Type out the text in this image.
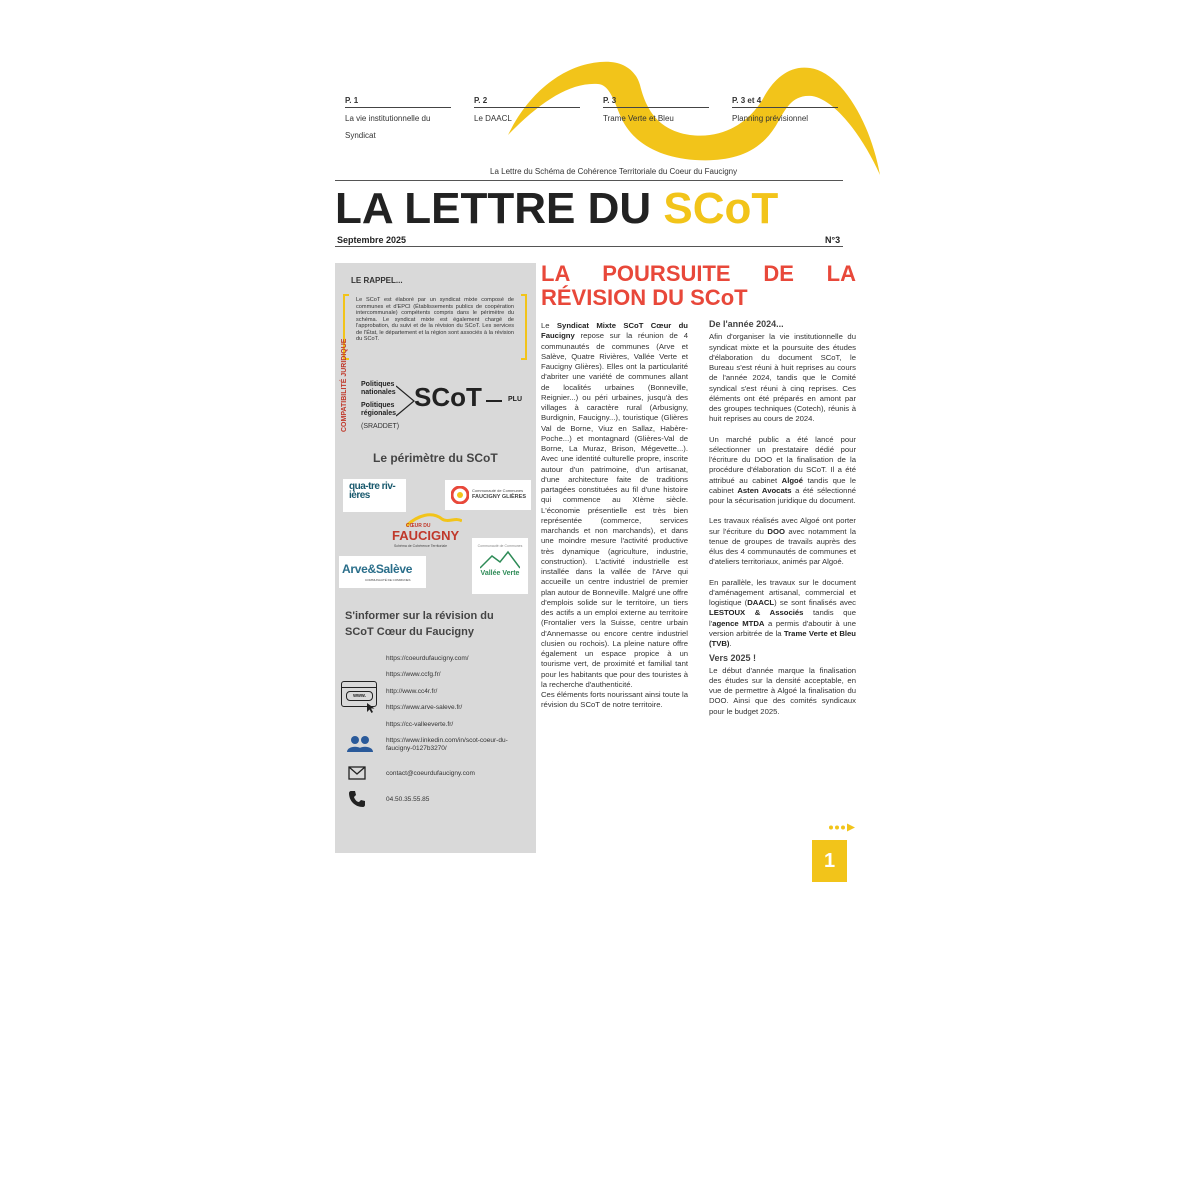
P. 1
La vie institutionnelle du Syndicat
P. 2
Le DAACL
P. 3
Trame Verte et Bleu
P. 3 et 4
Planning prévisionnel
La Lettre du Schéma de Cohérence Territoriale du Coeur du Faucigny
LA LETTRE DU SCoT
Septembre 2025	N°3
LE RAPPEL...
Le SCoT est élaboré par un syndicat mixte composé de communes et d'EPCI (Établissements publics de coopération intercommunale) compétents compris dans le périmètre du schéma. Le syndicat mixte est également chargé de l'approbation, du suivi et de la révision du SCoT. Les services de l'État, le département et la région sont associés à la révision du SCoT.
COMPATIBILITÉ JURIDIQUE Politiques nationales
Politiques régionales
(SRADDET)
SCoT	PLU
Le périmètre du SCoT
qua-tre riv-ières	Communauté de Communes
FAUCIGNY GLIÈRES
CŒUR DU
FAUCIGNY
Schéma de Cohérence Territoriale
Arve&Salève
COMMUNAUTÉ DE COMMUNES
Communauté de Communes
Vallée Verte
S'informer sur la révision du SCoT Cœur du Faucigny
https://coeurdufaucigny.com/
https://www.ccfg.fr/
http://www.cc4r.fr/
https://www.arve-saleve.fr/
https://cc-valleeverte.fr/
https://www.linkedin.com/in/scot-coeur-du-faucigny-0127b3270/
contact@coeurdufaucigny.com
04.50.35.55.85
www.
LA POURSUITE DE LA
RÉVISION DU SCoT

Le Syndicat Mixte SCoT Cœur du Faucigny repose sur la réunion de 4 communautés de communes (Arve et Salève, Quatre Rivières, Vallée Verte et Faucigny Glières). Elles ont la particularité d'abriter une variété de communes allant de localités urbaines (Bonneville, Reignier...) ou péri urbaines, jusqu'à des villages à caractère rural (Arbusigny, Burdignin, Faucigny...), touristique (Glières Val de Borne, Viuz en Sallaz, Habère-Poche...) et montagnard (Glières-Val de Borne, La Muraz, Brison, Mégevette...). Avec une identité culturelle propre, inscrite autour d'un patrimoine, d'un artisanat, d'une architecture faite de traditions partagées constituées au fil d'une histoire qui commence au XIème siècle. L'économie présentielle est très bien représentée (commerce, services marchands et non marchands), et dans une moindre mesure l'activité productive très dynamique (agriculture, industrie, construction). L'activité industrielle est installée dans la vallée de l'Arve qui accueille un centre industriel de premier plan autour de Bonneville. Malgré une offre d'emplois solide sur le territoire, un tiers des actifs a un emploi externe au territoire (Frontalier vers la Suisse, centre urbain d'Annemasse ou encore centre industriel clusien ou rochois). La pleine nature offre également un espace propice à un tourisme vert, de proximité et familial tant pour les habitants que pour des touristes à la recherche d'authenticité.

Ces éléments forts nourissant ainsi toute la révision du SCoT de notre territoire.

De l'année 2024...

Afin d'organiser la vie institutionnelle du syndicat mixte et la poursuite des études d'élaboration du document SCoT, le Bureau s'est réuni à huit reprises au cours de l'année 2024, tandis que le Comité syndical s'est réuni à cinq reprises. Ces éléments ont été préparés en amont par des groupes techniques (Cotech), réunis à huit reprises au cours de 2024.

Un marché public a été lancé pour sélectionner un prestataire dédié pour l'écriture du DOO et la finalisation de la procédure d'élaboration du SCoT. Il a été attribué au cabinet Algoé tandis que le cabinet Asten Avocats a été sélectionné pour la sécurisation juridique du document.

Les travaux réalisés avec Algoé ont porter sur l'écriture du DOO avec notamment la tenue de groupes de travails auprès des élus des 4 communautés de communes et d'ateliers territoriaux, animés par Algoé.

En parallèle, les travaux sur le document d'aménagement artisanal, commercial et logistique (DAACL) se sont finalisés avec LESTOUX & Associés tandis que l'agence MTDA a permis d'aboutir à une version arbitrée de la Trame Verte et Bleu (TVB).

Vers 2025 !

Le début d'année marque la finalisation des études sur la densité acceptable, en vue de permettre à Algoé la finalisation du DOO. Ainsi que des comités syndicaux pour le budget 2025.

1
